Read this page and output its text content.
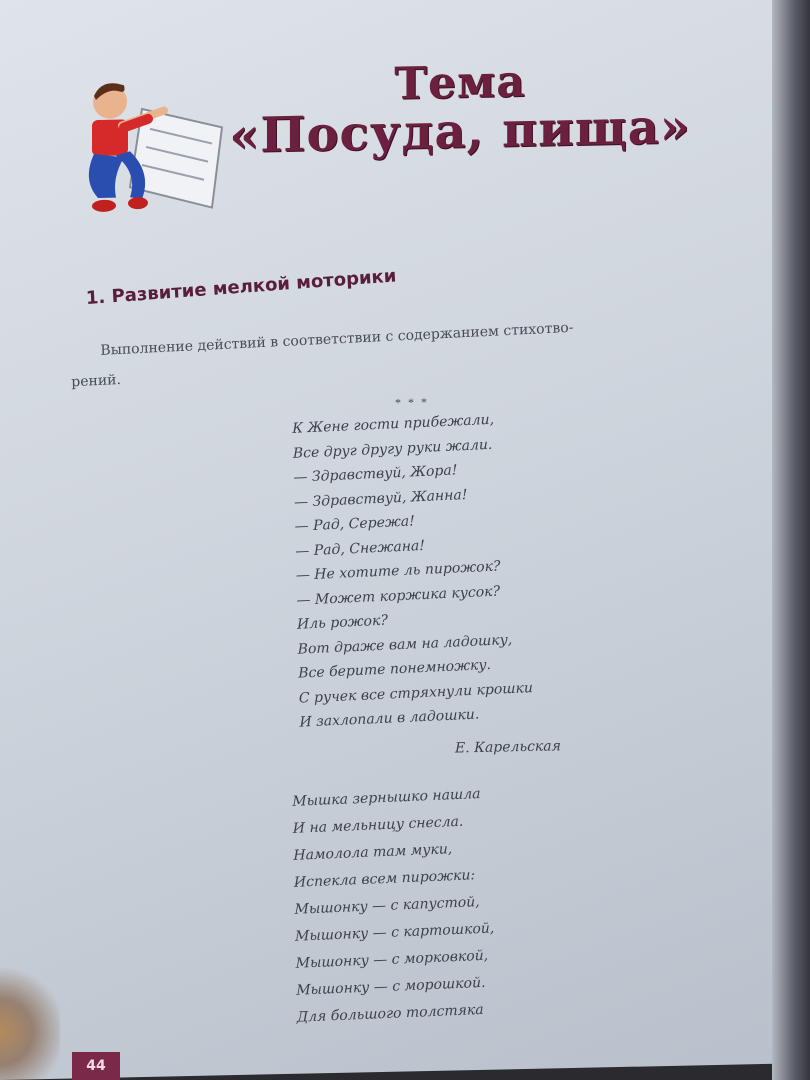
Тема
«Посуда, пища»
1. Развитие мелкой моторики
Выполнение действий в соответствии с содержанием стихотво-
рений.
* * *
К Жене гости прибежали,
Все друг другу руки жали.
— Здравствуй, Жора!
— Здравствуй, Жанна!
— Рад, Сережа!
— Рад, Снежана!
— Не хотите ль пирожок?
— Может коржика кусок?
Иль рожок?
Вот драже вам на ладошку,
Все берите понемножку.
С ручек все стряхнули крошки
И захлопали в ладошки.
Е. Карельская
Мышка зернышко нашла
И на мельницу снесла.
Намолола там муки,
Испекла всем пирожки:
Мышонку — с капустой,
Мышонку — с картошкой,
Мышонку — с морковкой,
Мышонку — с морошкой.
Для большого толстяка
44
